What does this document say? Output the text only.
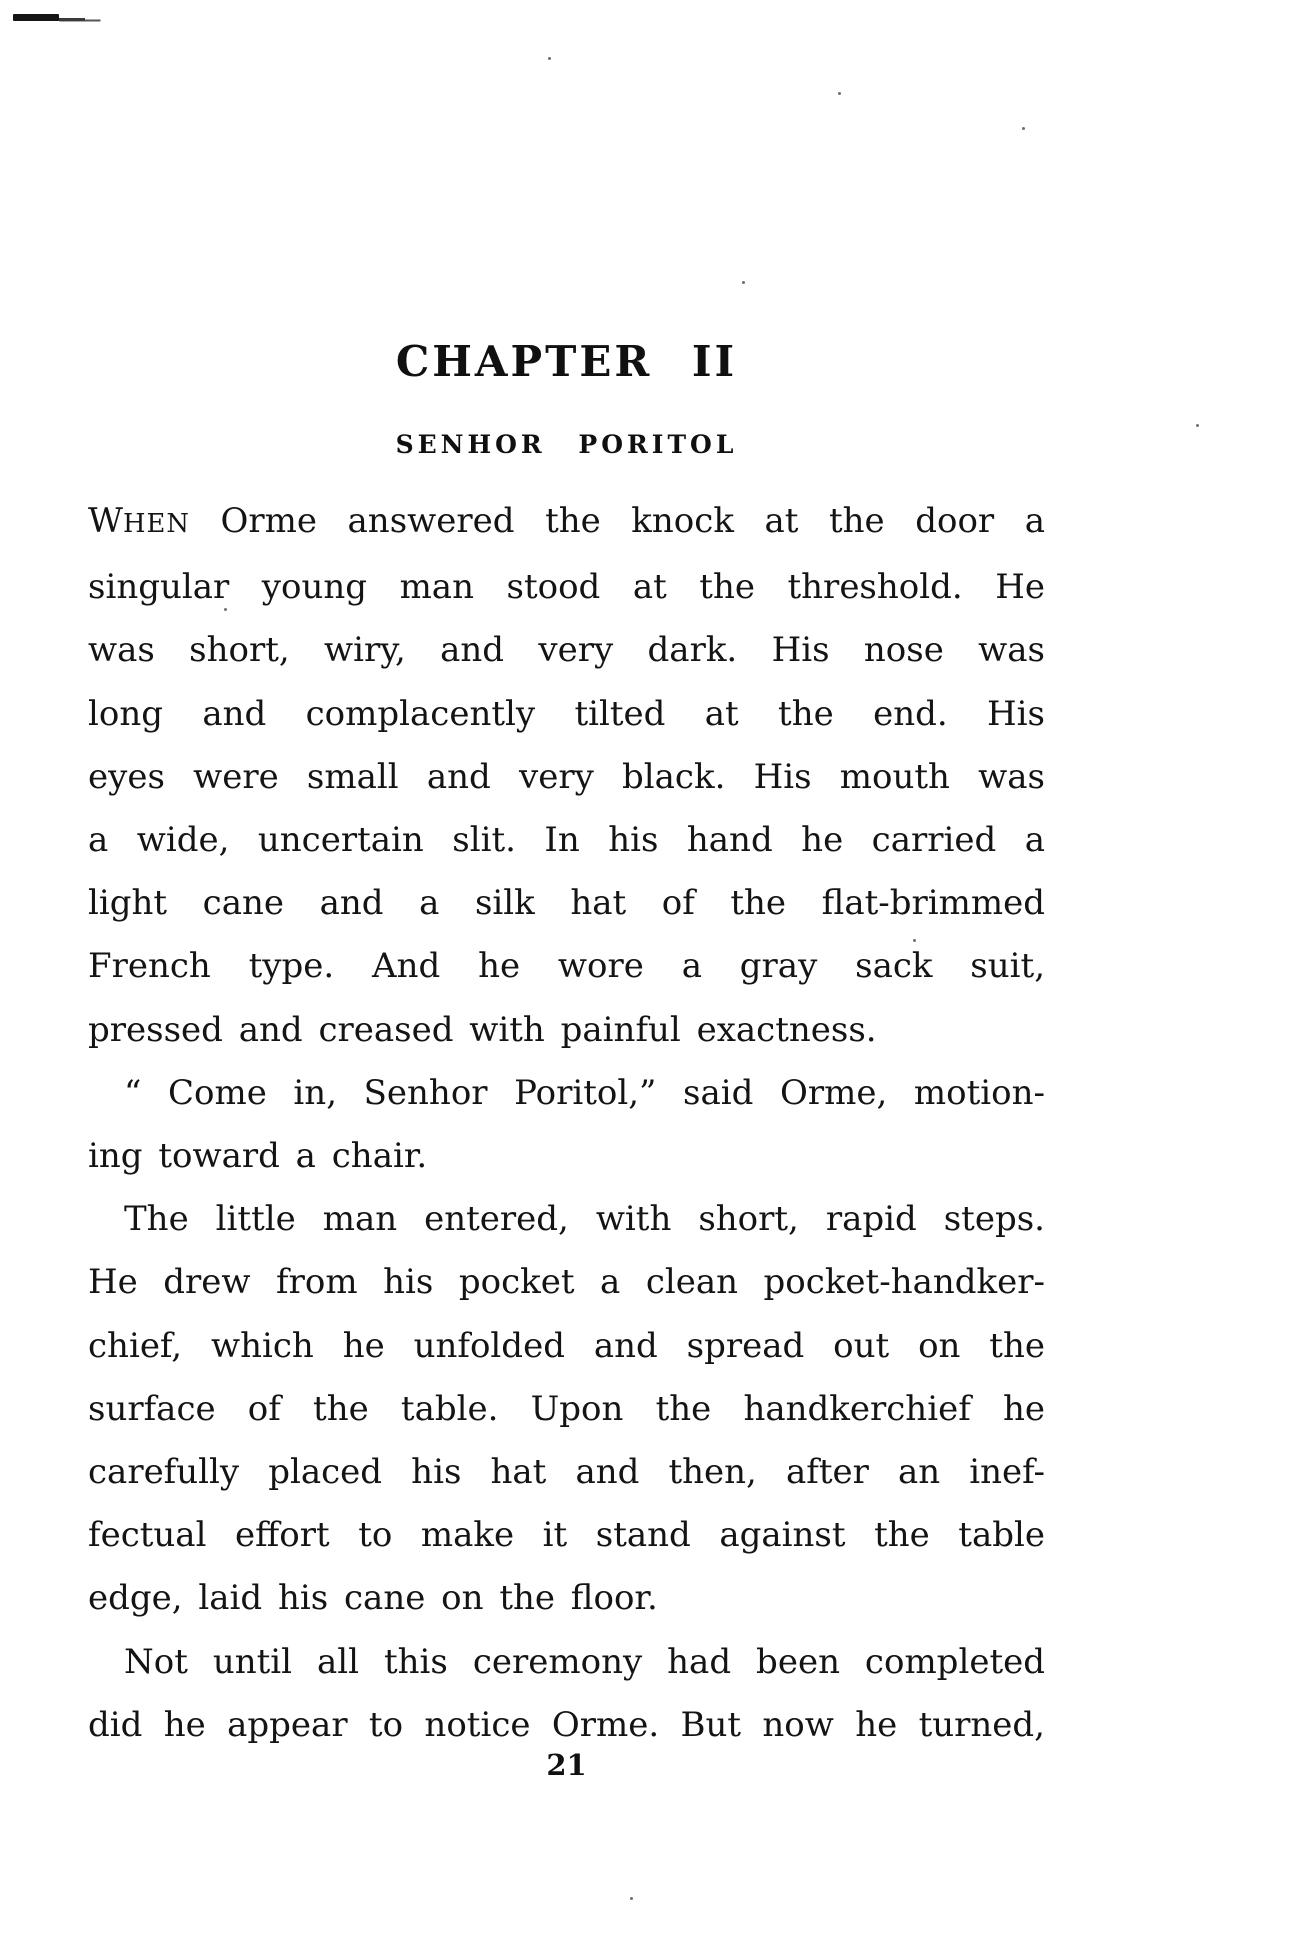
CHAPTER II
SENHOR PORITOL
WHEN Orme answered the knock at the door a
singular young man stood at the threshold. He
was short, wiry, and very dark. His nose was
long and complacently tilted at the end. His
eyes were small and very black. His mouth was
a wide, uncertain slit. In his hand he carried a
light cane and a silk hat of the flat-brimmed
French type. And he wore a gray sack suit,
pressed and creased with painful exactness.
“ Come in, Senhor Poritol,” said Orme, motion-
ing toward a chair.
The little man entered, with short, rapid steps.
He drew from his pocket a clean pocket-handker-
chief, which he unfolded and spread out on the
surface of the table. Upon the handkerchief he
carefully placed his hat and then, after an inef-
fectual effort to make it stand against the table
edge, laid his cane on the floor.
Not until all this ceremony had been completed
did he appear to notice Orme. But now he turned,
21
